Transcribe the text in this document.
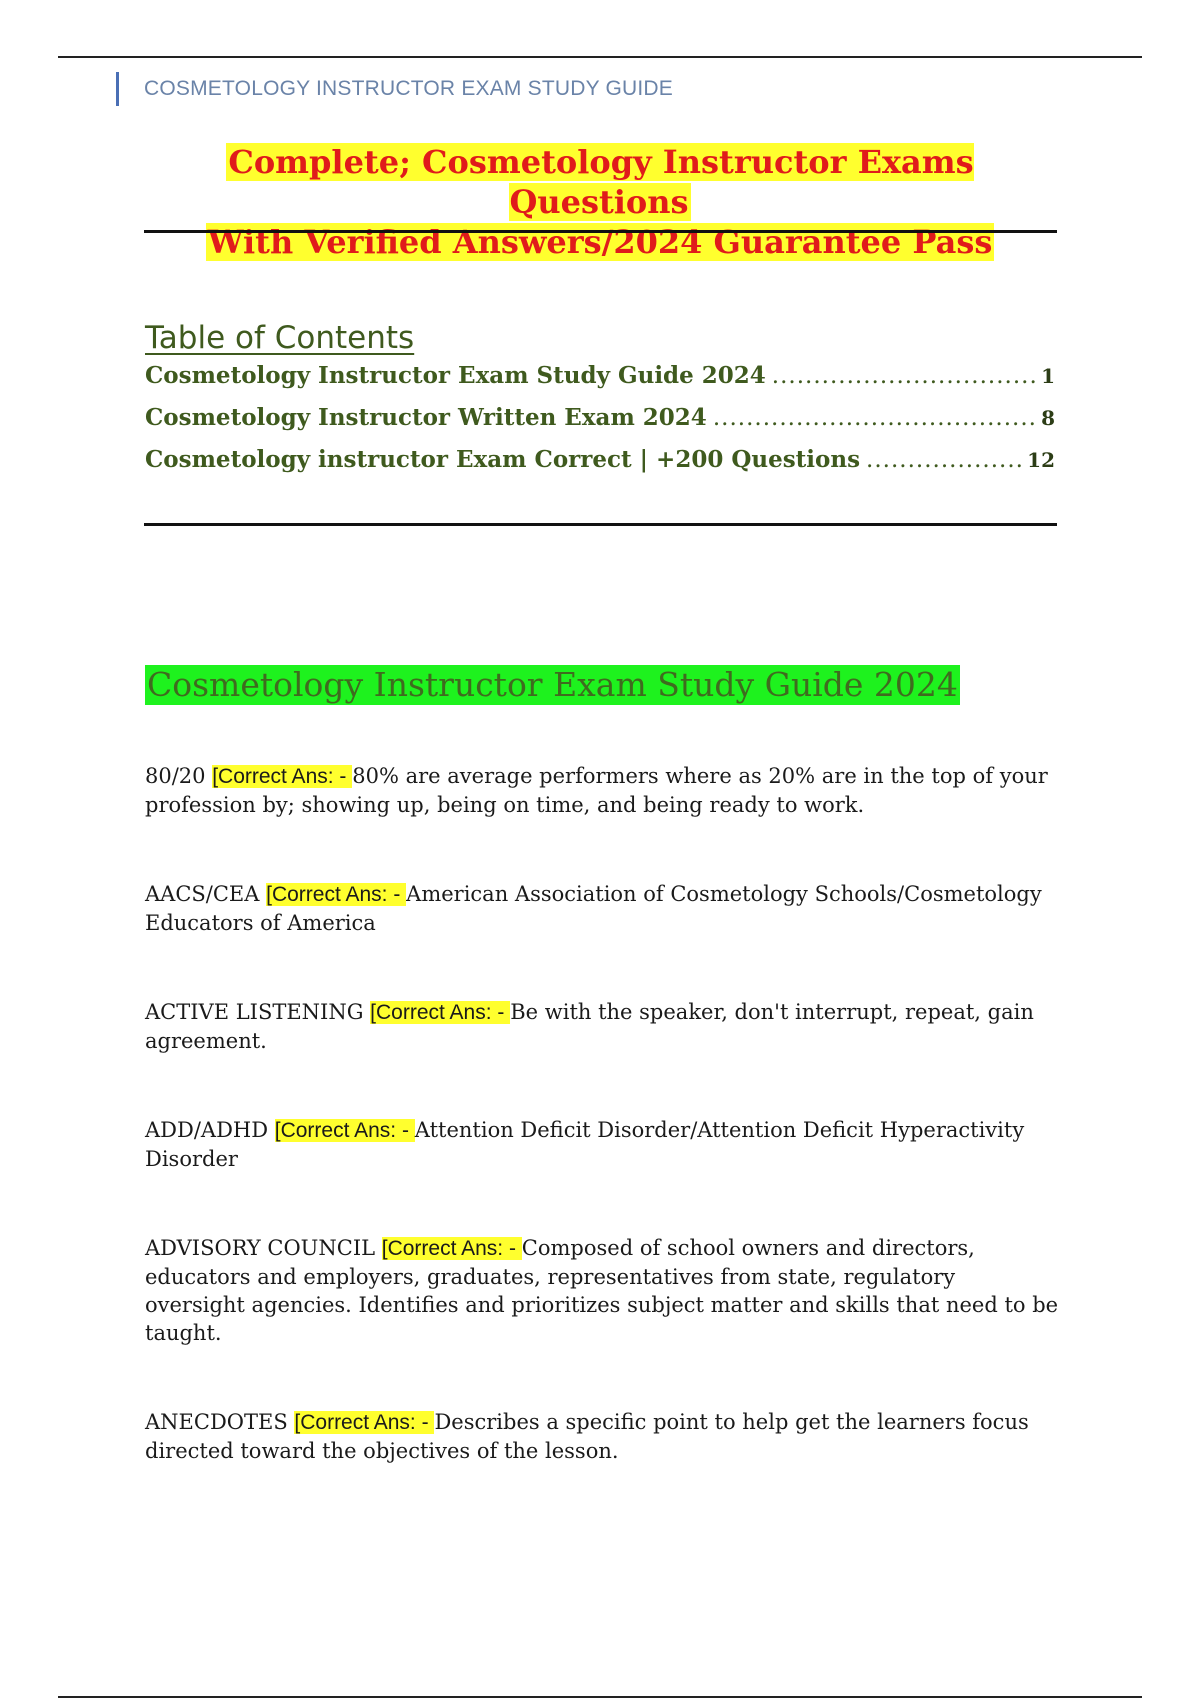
COSMETOLOGY INSTRUCTOR EXAM STUDY GUIDE
Complete; Cosmetology Instructor Exams Questions
With Verified Answers/2024 Guarantee Pass
Table of Contents
Cosmetology Instructor Exam Study Guide 2024 .....	1
Cosmetology Instructor Written Exam 2024 .....	8
Cosmetology instructor Exam Correct | +200 Questions .....	12
Cosmetology Instructor Exam Study Guide 2024

80/20 [Correct Ans: - 80% are average performers where as 20% are in the top of your profession by; showing up, being on time, and being ready to work.

AACS/CEA [Correct Ans: - American Association of Cosmetology Schools/Cosmetology Educators of America

ACTIVE LISTENING [Correct Ans: - Be with the speaker, don't interrupt, repeat, gain agreement.

ADD/ADHD [Correct Ans: - Attention Deficit Disorder/Attention Deficit Hyperactivity Disorder

ADVISORY COUNCIL [Correct Ans: - Composed of school owners and directors, educators and employers, graduates, representatives from state, regulatory oversight agencies. Identifies and prioritizes subject matter and skills that need to be taught.

ANECDOTES [Correct Ans: - Describes a specific point to help get the learners focus directed toward the objectives of the lesson.
